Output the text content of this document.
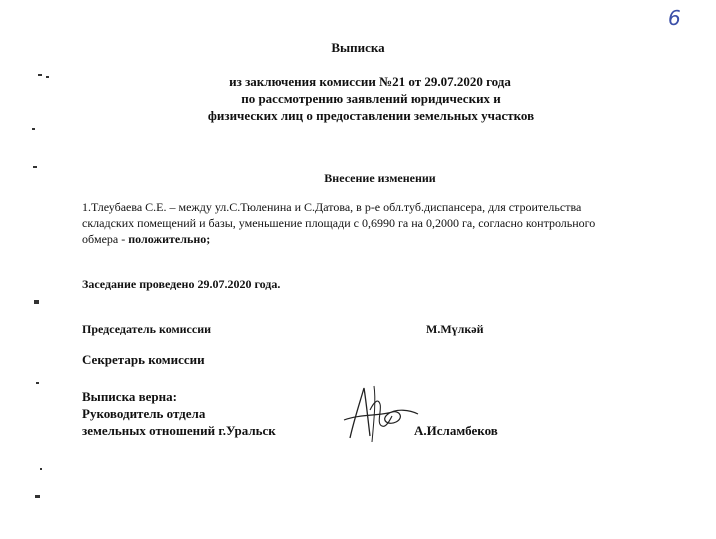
6
Выписка
из заключения комиссии №21 от 29.07.2020 года
по рассмотрению заявлений юридических и
физических лиц о предоставлении земельных участков
Внесение изменении
1.Тлеубаева С.Е. – между ул.С.Тюленина и С.Датова, в р-е обл.туб.диспансера, для строительства
складских помещений и базы, уменьшение площади с 0,6990 га на 0,2000 га, согласно контрольного
обмера - положительно;
Заседание проведено 29.07.2020 года.
Председатель комиссии	М.Мүлкәй
Секретарь комиссии
Выписка верна:
Руководитель отдела
земельных отношений г.Уральск	А.Исламбеков
